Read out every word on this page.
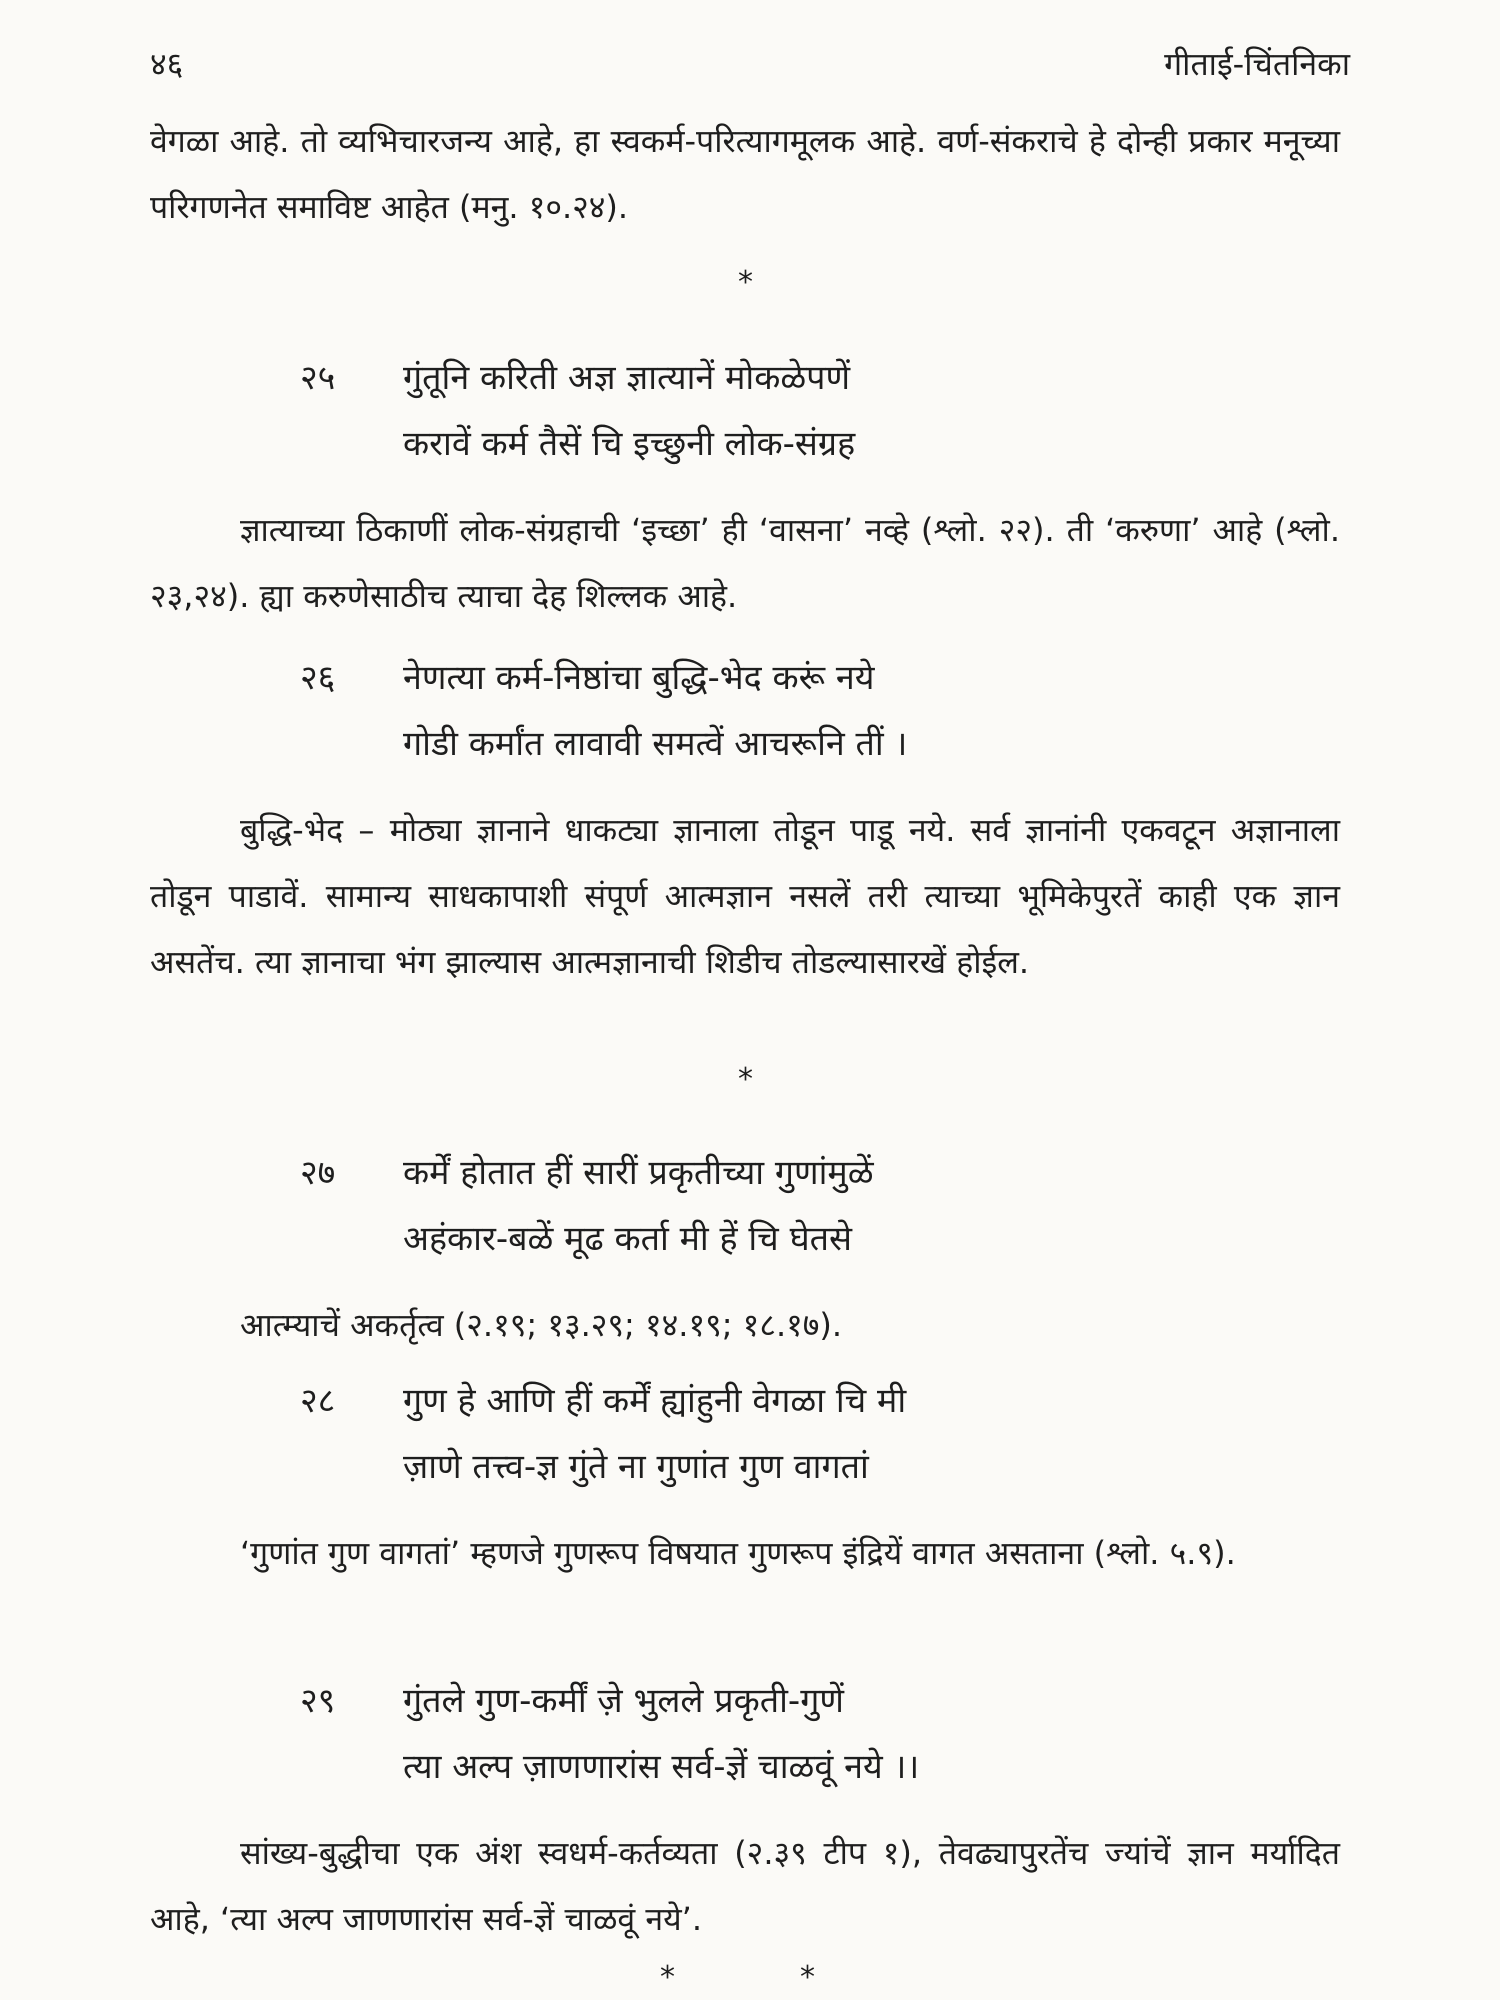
४६	गीताई-चिंतनिका

वेगळा आहे. तो व्यभिचारजन्य आहे, हा स्वकर्म-परित्यागमूलक आहे. वर्ण-संकराचे हे दोन्ही प्रकार मनूच्या परिगणनेत समाविष्ट आहेत (मनु. १०.२४).

*
२५ गुंतूनि करिती अज्ञ ज्ञात्यानें मोकळेपणें
करावें कर्म तैसें चि इच्छुनी लोक-संग्रह

ज्ञात्याच्या ठिकाणीं लोक-संग्रहाची ‘इच्छा’ ही ‘वासना’ नव्हे (श्लो. २२). ती ‘करुणा’ आहे (श्लो. २३,२४). ह्या करुणेसाठीच त्याचा देह शिल्लक आहे.

२६ नेणत्या कर्म-निष्ठांचा बुद्धि-भेद करूं नये
गोडी कर्मांत लावावी समत्वें आचरूनि तीं ।

बुद्धि-भेद – मोठ्या ज्ञानाने धाकट्या ज्ञानाला तोडून पाडू नये. सर्व ज्ञानांनी एकवटून अज्ञानाला तोडून पाडावें. सामान्य साधकापाशी संपूर्ण आत्मज्ञान नसलें तरी त्याच्या भूमिकेपुरतें काही एक ज्ञान असतेंच. त्या ज्ञानाचा भंग झाल्यास आत्मज्ञानाची शिडीच तोडल्यासारखें होईल.

*
२७ कर्में होतात हीं सारीं प्रकृतीच्या गुणांमुळें
अहंकार-बळें मूढ कर्ता मी हें चि घेतसे

आत्म्याचें अकर्तृत्व (२.१९; १३.२९; १४.१९; १८.१७).

२८ गुण हे आणि हीं कर्में ह्यांहुनी वेगळा चि मी
ज़ाणे तत्त्व-ज्ञ गुंते ना गुणांत गुण वागतां

‘गुणांत गुण वागतां’ म्हणजे गुणरूप विषयात गुणरूप इंद्रियें वागत असताना (श्लो. ५.९).

२९ गुंतले गुण-कर्मीं ज़े भुलले प्रकृती-गुणें
त्या अल्प ज़ाणणारांस सर्व-ज्ञें चाळवूं नये ।।

सांख्य-बुद्धीचा एक अंश स्वधर्म-कर्तव्यता (२.३९ टीप १), तेवढ्यापुरतेंच ज्यांचें ज्ञान मर्यादित आहे, ‘त्या अल्प जाणणारांस सर्व-ज्ञें चाळवूं नये’.

*	*
